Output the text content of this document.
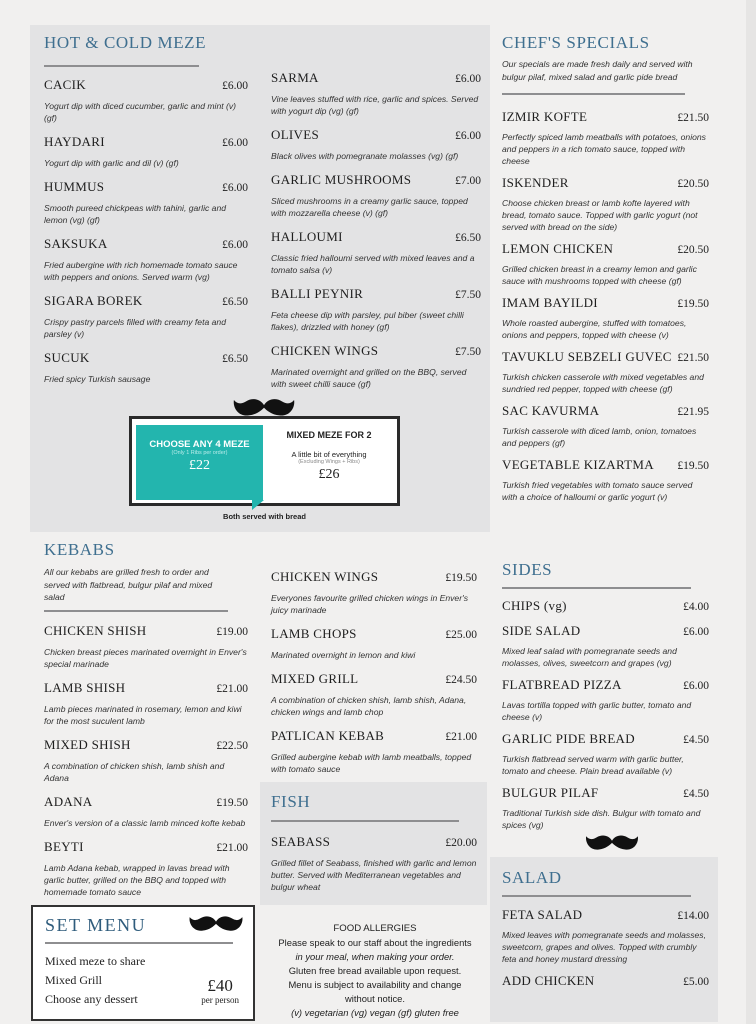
HOT & COLD MEZE
CACIK	£6.00
Yogurt dip with diced cucumber, garlic and mint (v) (gf)
HAYDARI	£6.00
Yogurt dip with garlic and dil (v) (gf)
HUMMUS	£6.00
Smooth pureed chickpeas with tahini, garlic and lemon (vg) (gf)
SAKSUKA	£6.00
Fried aubergine with rich homemade tomato sauce with peppers and onions. Served warm (vg)
SIGARA BOREK	£6.50
Crispy pastry parcels filled with creamy feta and parsley (v)
SUCUK	£6.50
Fried spicy Turkish sausage
SARMA	£6.00
Vine leaves stuffed with rice, garlic and spices. Served with yogurt dip (vg) (gf)
OLIVES	£6.00
Black olives with pomegranate molasses (vg) (gf)
GARLIC MUSHROOMS	£7.00
Sliced mushrooms in a creamy garlic sauce, topped with mozzarella cheese (v) (gf)
HALLOUMI	£6.50
Classic fried halloumi served with mixed leaves and a tomato salsa (v)
BALLI PEYNIR	£7.50
Feta cheese dip with parsley, pul biber (sweet chilli flakes), drizzled with honey (gf)
CHICKEN WINGS	£7.50
Marinated overnight and grilled on the BBQ, served with sweet chilli sauce (gf)
CHOOSE ANY 4 MEZE
(Only 1 Ribs per order)
£22
MIXED MEZE FOR 2
A little bit of everything
(Excluding Wings + Ribs)
£26
Both served with bread
CHEF'S SPECIALS
Our specials are made fresh daily and served with bulgur pilaf, mixed salad and garlic pide bread
IZMIR KOFTE	£21.50
Perfectly spiced lamb meatballs with potatoes, onions and peppers in a rich tomato sauce, topped with cheese
ISKENDER	£20.50
Choose chicken breast or lamb kofte layered with bread, tomato sauce. Topped with garlic yogurt (not served with bread on the side)
LEMON CHICKEN	£20.50
Grilled chicken breast in a creamy lemon and garlic sauce with mushrooms topped with cheese (gf)
IMAM BAYILDI	£19.50
Whole roasted aubergine, stuffed with tomatoes, onions and peppers, topped with cheese (v)
TAVUKLU SEBZELI GUVEC £21.50
Turkish chicken casserole with mixed vegetables and sundried red pepper, topped with cheese (gf)
SAC KAVURMA	£21.95
Turkish casserole with diced lamb, onion, tomatoes and peppers (gf)
VEGETABLE KIZARTMA £19.50
Turkish fried vegetables with tomato sauce served with a choice of halloumi or garlic yogurt (v)
KEBABS
All our kebabs are grilled fresh to order and served with flatbread, bulgur pilaf and mixed salad
CHICKEN SHISH	£19.00
Chicken breast pieces marinated overnight in Enver's special marinade
LAMB SHISH	£21.00
Lamb pieces marinated in rosemary, lemon and kiwi for the most suculent lamb
MIXED SHISH	£22.50
A combination of chicken shish, lamb shish and Adana
ADANA	£19.50
Enver's version of a classic lamb minced kofte kebab
BEYTI	£21.00
Lamb Adana kebab, wrapped in lavas bread with garlic butter, grilled on the BBQ and topped with homemade tomato sauce
CHICKEN WINGS	£19.50
Everyones favourite grilled chicken wings in Enver's juicy marinade
LAMB CHOPS	£25.00
Marinated overnight in lemon and kiwi
MIXED GRILL	£24.50
A combination of chicken shish, lamb shish, Adana, chicken wings and lamb chop
PATLICAN KEBAB	£21.00
Grilled aubergine kebab with lamb meatballs, topped with tomato sauce
FISH
SEABASS	£20.00
Grilled fillet of Seabass, finished with garlic and lemon butter. Served with Mediterranean vegetables and bulgur wheat
SIDES
CHIPS (vg)	£4.00
SIDE SALAD	£6.00
Mixed leaf salad with pomegranate seeds and molasses, olives, sweetcorn and grapes (vg)
FLATBREAD PIZZA	£6.00
Lavas tortilla topped with garlic butter, tomato and cheese (v)
GARLIC PIDE BREAD	£4.50
Turkish flatbread served warm with garlic butter, tomato and cheese. Plain bread available (v)
BULGUR PILAF	£4.50
Traditional Turkish side dish. Bulgur with tomato and spices (vg)
SALAD
FETA SALAD	£14.00
Mixed leaves with pomegranate seeds and molasses, sweetcorn, grapes and olives. Topped with crumbly feta and honey mustard dressing
ADD CHICKEN	£5.00
SET MENU
Mixed meze to share
Mixed Grill
Choose any dessert
£40
per person
FOOD ALLERGIES
Please speak to our staff about the ingredients
in your meal, when making your order.
Gluten free bread available upon request.
Menu is subject to availability and change
without notice.
(v) vegetarian (vg) vegan (gf) gluten free
